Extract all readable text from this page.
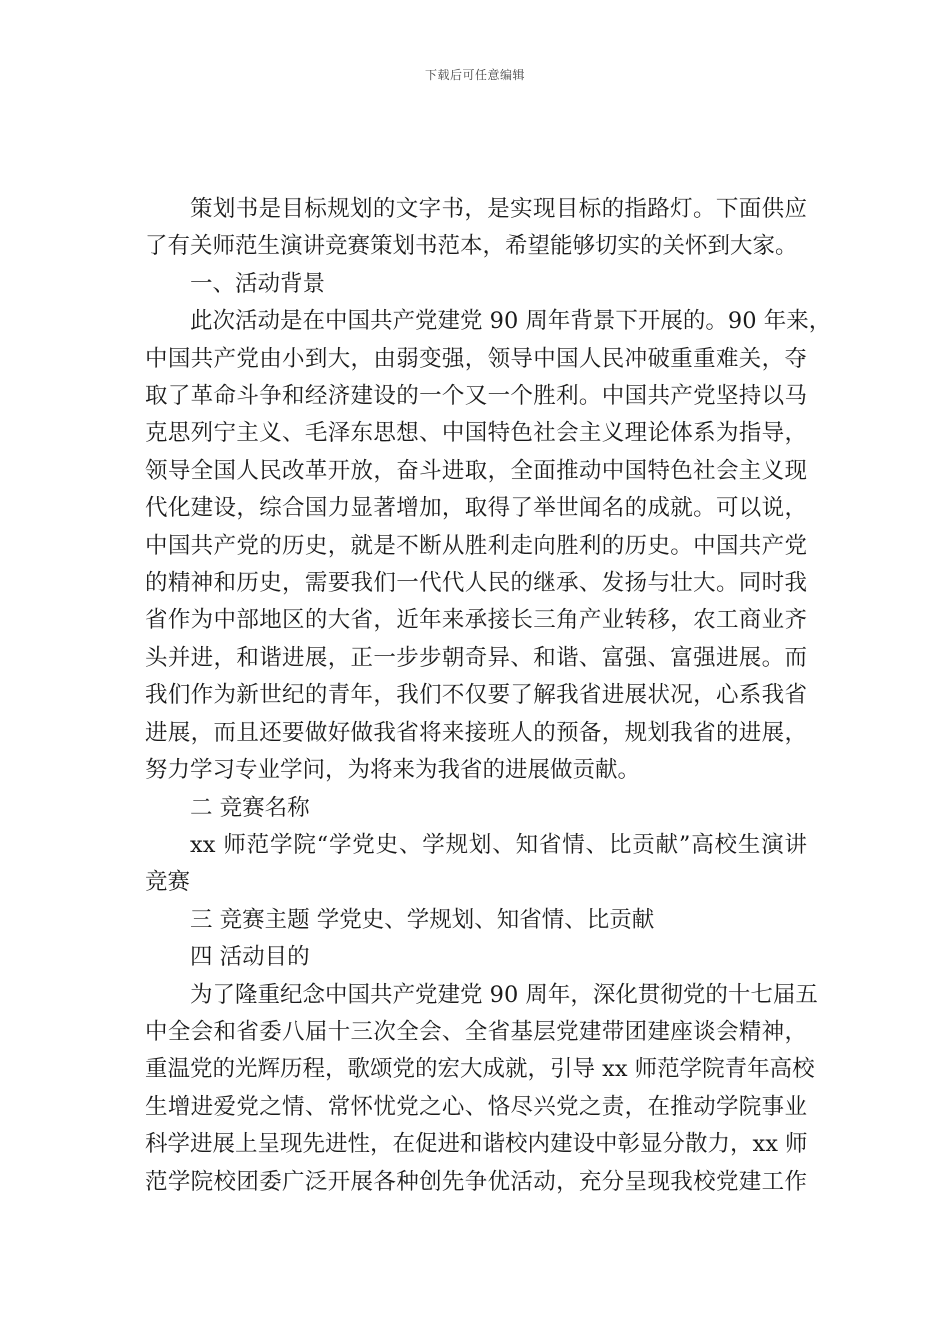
下载后可任意编辑
策划书是目标规划的文字书，是实现目标的指路灯。下面供应
了有关师范生演讲竞赛策划书范本，希望能够切实的关怀到大家。
一、活动背景
此次活动是在中国共产党建党 90 周年背景下开展的。90 年来，
中国共产党由小到大，由弱变强，领导中国人民冲破重重难关，夺
取了革命斗争和经济建设的一个又一个胜利。中国共产党坚持以马
克思列宁主义、毛泽东思想、中国特色社会主义理论体系为指导，
领导全国人民改革开放，奋斗进取，全面推动中国特色社会主义现
代化建设，综合国力显著增加，取得了举世闻名的成就。可以说，
中国共产党的历史，就是不断从胜利走向胜利的历史。中国共产党
的精神和历史，需要我们一代代人民的继承、发扬与壮大。同时我
省作为中部地区的大省，近年来承接长三角产业转移，农工商业齐
头并进，和谐进展，正一步步朝奇异、和谐、富强、富强进展。而
我们作为新世纪的青年，我们不仅要了解我省进展状况，心系我省
进展，而且还要做好做我省将来接班人的预备，规划我省的进展，
努力学习专业学问，为将来为我省的进展做贡献。
二 竞赛名称
xx 师范学院“学党史、学规划、知省情、比贡献”高校生演讲
竞赛
三 竞赛主题 学党史、学规划、知省情、比贡献
四 活动目的
为了隆重纪念中国共产党建党 90 周年，深化贯彻党的十七届五
中全会和省委八届十三次全会、全省基层党建带团建座谈会精神，
重温党的光辉历程，歌颂党的宏大成就，引导 xx 师范学院青年高校
生增进爱党之情、常怀忧党之心、恪尽兴党之责，在推动学院事业
科学进展上呈现先进性，在促进和谐校内建设中彰显分散力，xx 师
范学院校团委广泛开展各种创先争优活动，充分呈现我校党建工作
